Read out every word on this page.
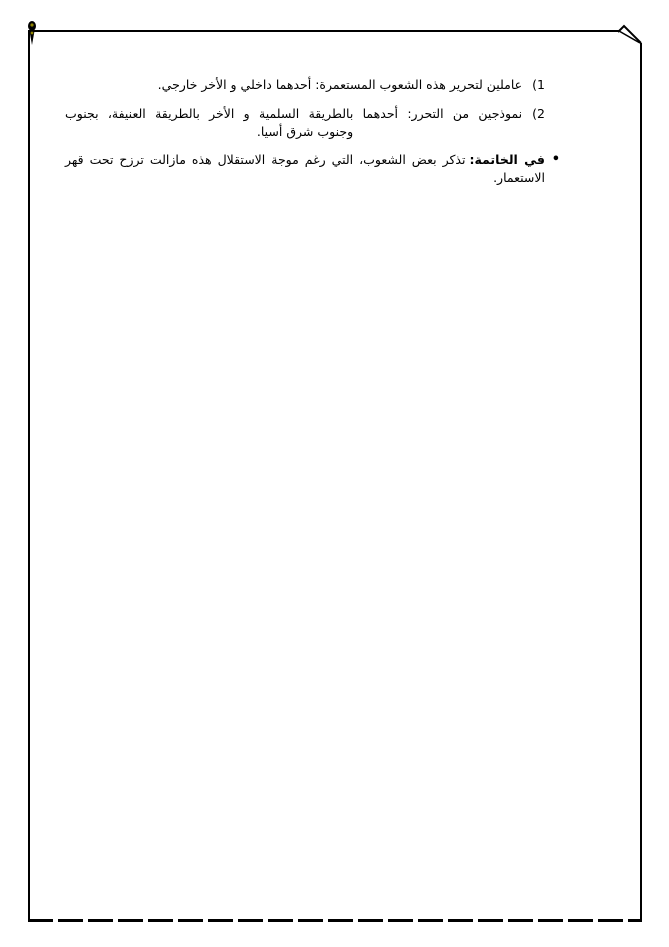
1)عاملين لتحرير هذه الشعوب المستعمرة: أحدهما داخلي و الأخر خارجي.
2)نموذجين من التحرر: أحدهما بالطريقة السلمية و الأخر بالطريقة العنيفة، بجنوب
وجنوب شرق أسيا.
في الخاتمة:تذكر بعض الشعوب، التي رغم موجة الاستقلال هذه مازالت ترزح تحت قهر
الاستعمار.
•
